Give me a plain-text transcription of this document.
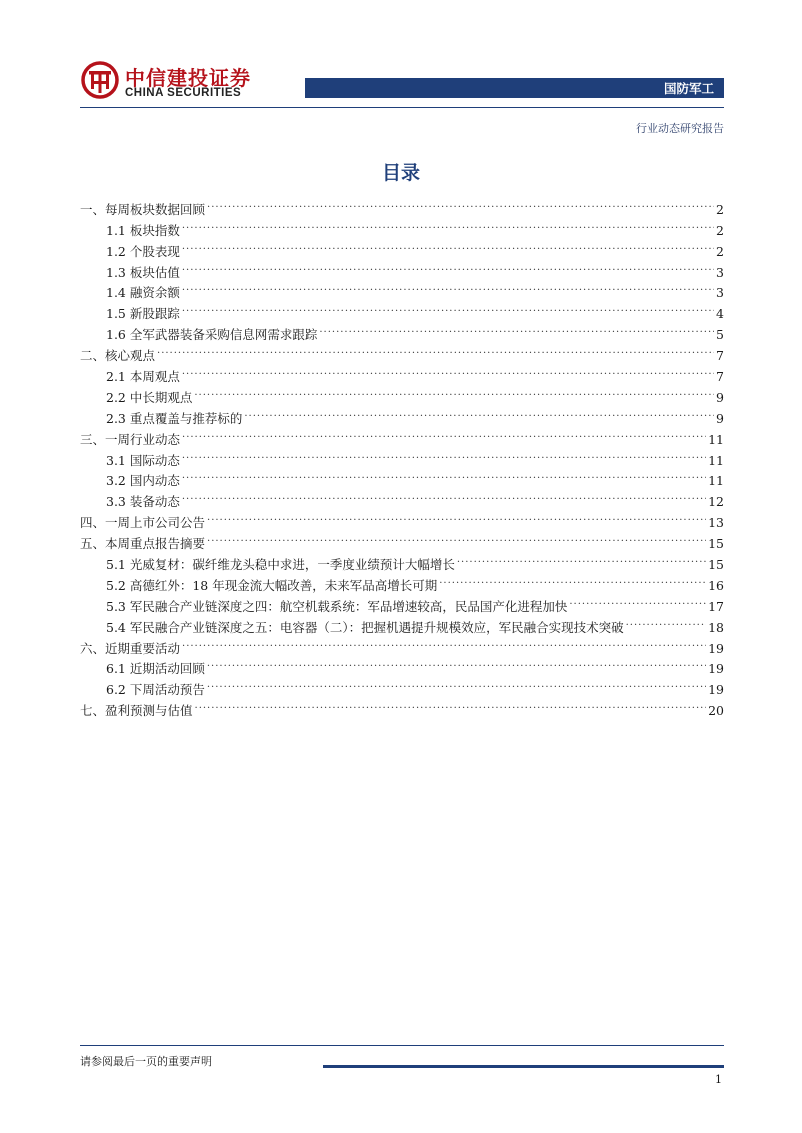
中信建投证券
CHINA SECURITIES	国防军工
行业动态研究报告
目录
一、每周板块数据回顾 .....	2
1.1 板块指数 .....	2
1.2 个股表现 .....	2
1.3 板块估值 .....	3
1.4 融资余额 .....	3
1.5 新股跟踪 .....	4
1.6 全军武器装备采购信息网需求跟踪 .....	5
二、核心观点 .....	7
2.1 本周观点 .....	7
2.2 中长期观点 .....	9
2.3 重点覆盖与推荐标的 .....	9
三、一周行业动态 .....	11
3.1 国际动态 .....	11
3.2 国内动态 .....	11
3.3 装备动态 .....	12
四、一周上市公司公告 .....	13
五、本周重点报告摘要 .....	15
5.1 光威复材：碳纤维龙头稳中求进，一季度业绩预计大幅增长 .....	15
5.2 高德红外：18 年现金流大幅改善，未来军品高增长可期 .....	16
5.3 军民融合产业链深度之四：航空机载系统：军品增速较高，民品国产化进程加快 .....	17
5.4 军民融合产业链深度之五：电容器（二）：把握机遇提升规模效应，军民融合实现技术突破 .....	18
六、近期重要活动 .....	19
6.1 近期活动回顾 .....	19
6.2 下周活动预告 .....	19
七、盈利预测与估值 .....	20
请参阅最后一页的重要声明
1
